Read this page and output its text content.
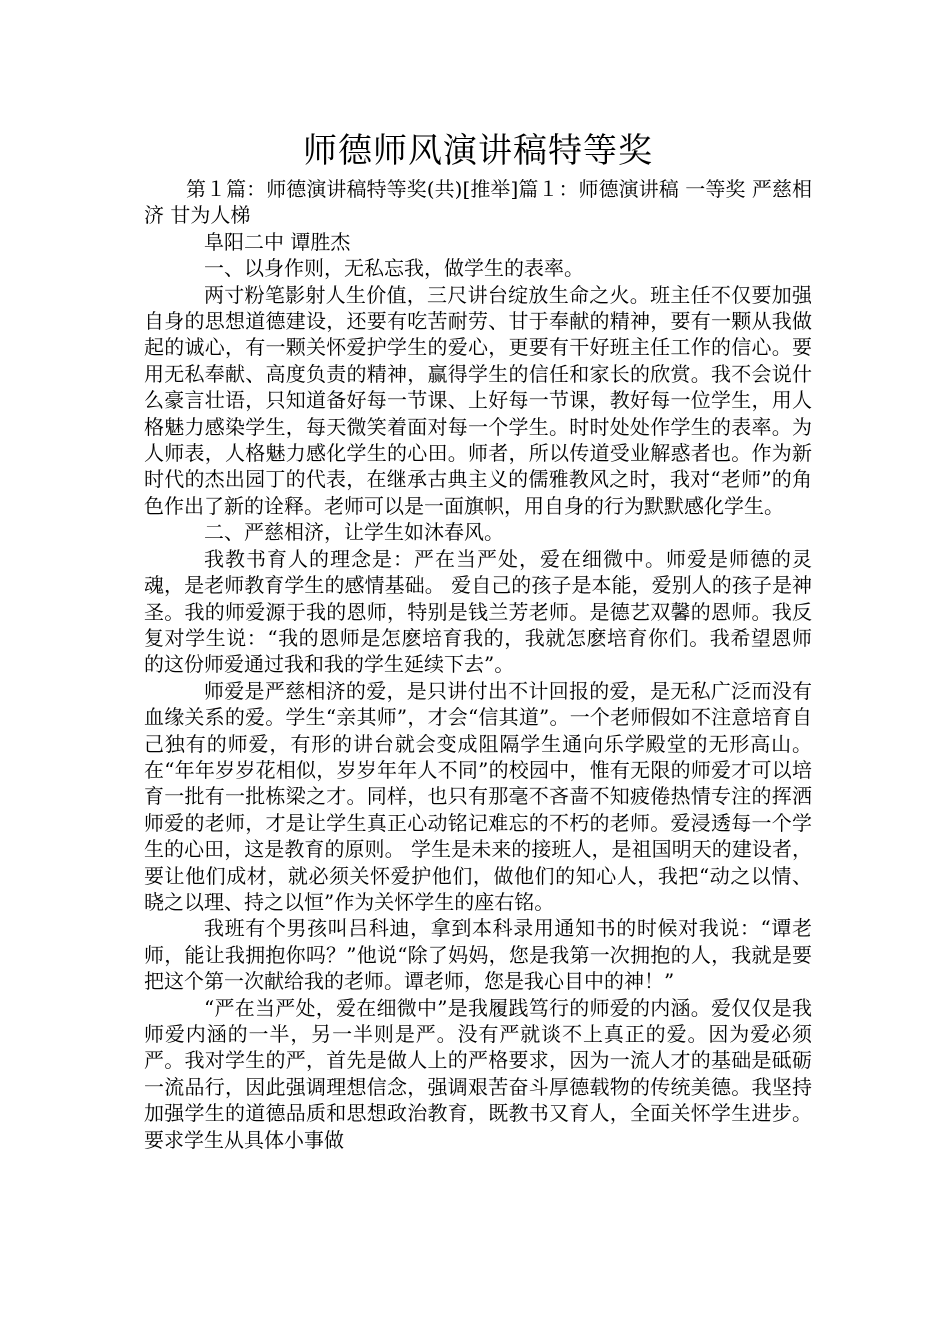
师德师风演讲稿特等奖

第１篇：师德演讲稿特等奖(共)[推举]篇１：师德演讲稿 一等奖 严慈相济 甘为人梯

阜阳二中 谭胜杰

一、以身作则，无私忘我，做学生的表率。

两寸粉笔影射人生价值，三尺讲台绽放生命之火。班主任不仅要加强自身的思想道德建设，还要有吃苦耐劳、甘于奉献的精神，要有一颗从我做起的诚心，有一颗关怀爱护学生的爱心，更要有干好班主任工作的信心。要用无私奉献、高度负责的精神，赢得学生的信任和家长的欣赏。我不会说什么豪言壮语，只知道备好每一节课、上好每一节课，教好每一位学生，用人格魅力感染学生，每天微笑着面对每一个学生。时时处处作学生的表率。为人师表，人格魅力感化学生的心田。师者，所以传道受业解惑者也。作为新时代的杰出园丁的代表，在继承古典主义的儒雅教风之时，我对“老师”的角色作出了新的诠释。老师可以是一面旗帜，用自身的行为默默感化学生。

二、严慈相济，让学生如沐春风。

我教书育人的理念是：严在当严处，爱在细微中。师爱是师德的灵魂，是老师教育学生的感情基础。 爱自己的孩子是本能，爱别人的孩子是神圣。我的师爱源于我的恩师，特别是钱兰芳老师。是德艺双馨的恩师。我反复对学生说：“我的恩师是怎麽培育我的，我就怎麽培育你们。我希望恩师的这份师爱通过我和我的学生延续下去”。

师爱是严慈相济的爱，是只讲付出不计回报的爱，是无私广泛而没有血缘关系的爱。学生“亲其师”，才会“信其道”。一个老师假如不注意培育自己独有的师爱，有形的讲台就会变成阻隔学生通向乐学殿堂的无形高山。在“年年岁岁花相似，岁岁年年人不同”的校园中，惟有无限的师爱才可以培育一批有一批栋梁之才。同样，也只有那毫不吝啬不知疲倦热情专注的挥洒师爱的老师，才是让学生真正心动铭记难忘的不朽的老师。爱浸透每一个学生的心田，这是教育的原则。 学生是未来的接班人，是祖国明天的建设者，要让他们成材，就必须关怀爱护他们，做他们的知心人，我把“动之以情、晓之以理、持之以恒”作为关怀学生的座右铭。

我班有个男孩叫吕科迪，拿到本科录用通知书的时候对我说：“谭老师，能让我拥抱你吗？”他说“除了妈妈，您是我第一次拥抱的人，我就是要把这个第一次献给我的老师。谭老师，您是我心目中的神！”

“严在当严处，爱在细微中”是我履践笃行的师爱的内涵。爱仅仅是我师爱内涵的一半，另一半则是严。没有严就谈不上真正的爱。因为爱必须严。我对学生的严，首先是做人上的严格要求，因为一流人才的基础是砥砺一流品行，因此强调理想信念，强调艰苦奋斗厚德载物的传统美德。我坚持加强学生的道德品质和思想政治教育，既教书又育人，全面关怀学生进步。要求学生从具体小事做
